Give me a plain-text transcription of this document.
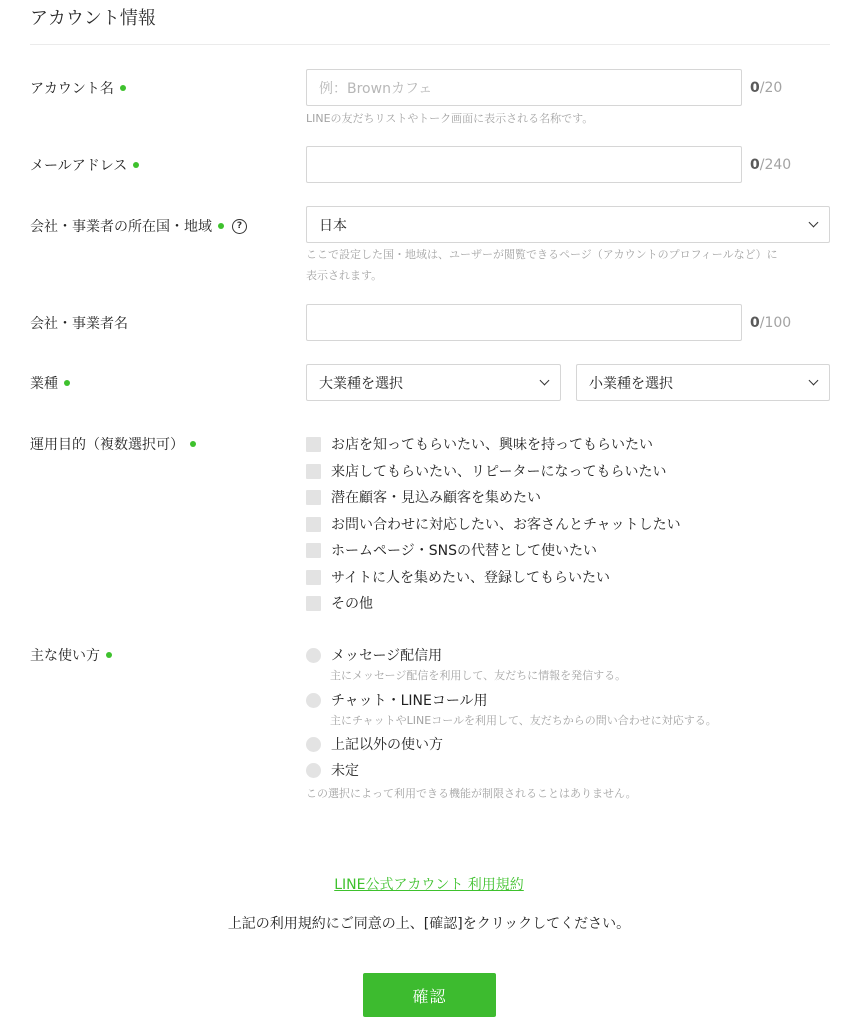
アカウント情報
アカウント名	例：Brownカフェ	0/20
LINEの友だちリストやトーク画面に表示される名称です。
メールアドレス	0/240
会社・事業者の所在国・地域	?	日本
ここで設定した国・地域は、ユーザーが閲覧できるページ（アカウントのプロフィールなど）に
表示されます。
会社・事業者名	0/100
業種	大業種を選択	小業種を選択
運用目的（複数選択可）	お店を知ってもらいたい、興味を持ってもらいたい
来店してもらいたい、リピーターになってもらいたい
潜在顧客・見込み顧客を集めたい
お問い合わせに対応したい、お客さんとチャットしたい
ホームページ・SNSの代替として使いたい
サイトに人を集めたい、登録してもらいたい
その他
主な使い方	メッセージ配信用
主にメッセージ配信を利用して、友だちに情報を発信する。
チャット・LINEコール用
主にチャットやLINEコールを利用して、友だちからの問い合わせに対応する。
上記以外の使い方
未定
この選択によって利用できる機能が制限されることはありません。
LINE公式アカウント 利用規約
上記の利用規約にご同意の上、[確認]をクリックしてください。
確認
